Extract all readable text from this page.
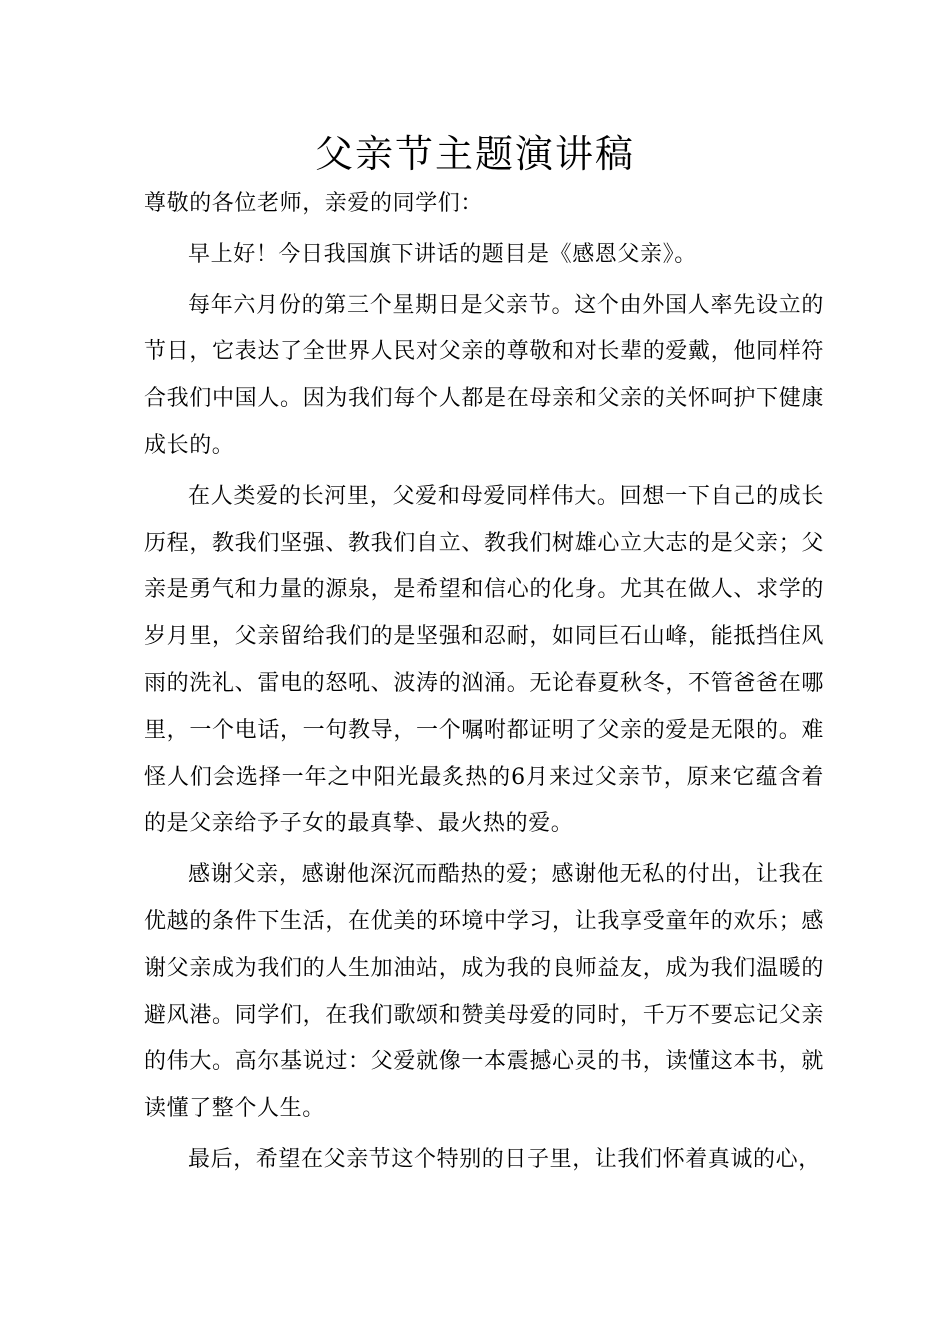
父亲节主题演讲稿

尊敬的各位老师，亲爱的同学们：

早上好！今日我国旗下讲话的题目是《感恩父亲》。

每年六月份的第三个星期日是父亲节。这个由外国人率先设立的节日，它表达了全世界人民对父亲的尊敬和对长辈的爱戴，他同样符合我们中国人。因为我们每个人都是在母亲和父亲的关怀呵护下健康成长的。

在人类爱的长河里，父爱和母爱同样伟大。回想一下自己的成长历程，教我们坚强、教我们自立、教我们树雄心立大志的是父亲；父亲是勇气和力量的源泉，是希望和信心的化身。尤其在做人、求学的岁月里，父亲留给我们的是坚强和忍耐，如同巨石山峰，能抵挡住风雨的洗礼、雷电的怒吼、波涛的汹涌。无论春夏秋冬，不管爸爸在哪里，一个电话，一句教导，一个嘱咐都证明了父亲的爱是无限的。难怪人们会选择一年之中阳光最炙热的6月来过父亲节，原来它蕴含着的是父亲给予子女的最真挚、最火热的爱。

感谢父亲，感谢他深沉而酷热的爱；感谢他无私的付出，让我在优越的条件下生活，在优美的环境中学习，让我享受童年的欢乐；感谢父亲成为我们的人生加油站，成为我的良师益友，成为我们温暖的避风港。同学们，在我们歌颂和赞美母爱的同时，千万不要忘记父亲的伟大。高尔基说过：父爱就像一本震撼心灵的书，读懂这本书，就读懂了整个人生。

最后，希望在父亲节这个特别的日子里，让我们怀着真诚的心，
